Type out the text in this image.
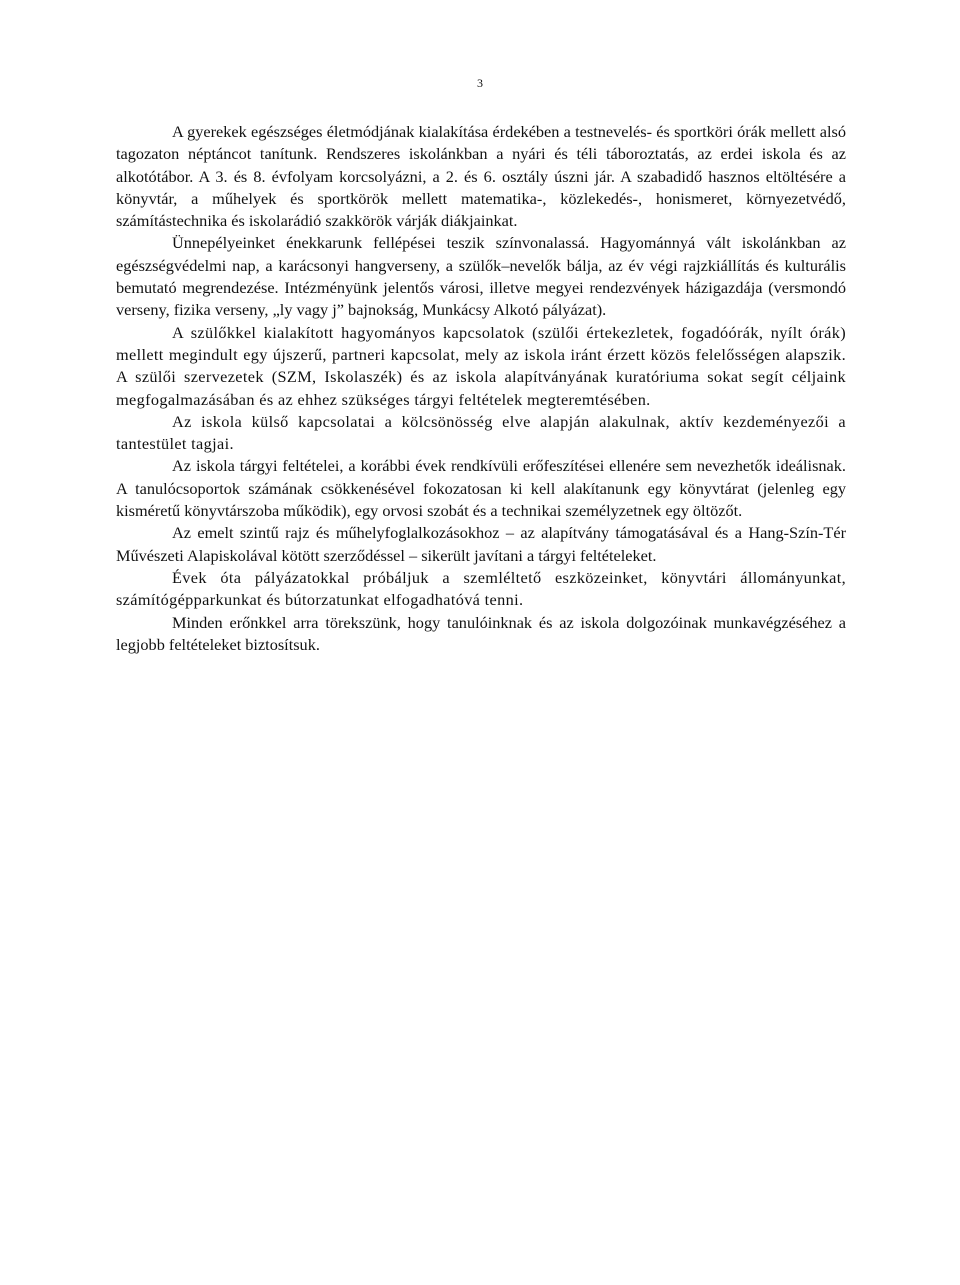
3

A gyerekek egészséges életmódjának kialakítása érdekében a testnevelés- és sportköri órák mellett alsó tagozaton néptáncot tanítunk. Rendszeres iskolánkban a nyári és téli táboroztatás, az erdei iskola és az alkotótábor. A 3. és 8. évfolyam korcsolyázni, a 2. és 6. osztály úszni jár. A szabadidő hasznos eltöltésére a könyvtár, a műhelyek és sportkörök mellett matematika-, közlekedés-, honismeret, környezetvédő, számítástechnika és iskolarádió szakkörök várják diákjainkat.

Ünnepélyeinket énekkarunk fellépései teszik színvonalassá. Hagyománnyá vált iskolánkban az egészségvédelmi nap, a karácsonyi hangverseny, a szülők–nevelők bálja, az év végi rajzkiállítás és kulturális bemutató megrendezése. Intézményünk jelentős városi, illetve megyei rendezvények házigazdája (versmondó verseny, fizika verseny, „ly vagy j” bajnokság, Munkácsy Alkotó pályázat).

A szülőkkel kialakított hagyományos kapcsolatok (szülői értekezletek, fogadóórák, nyílt órák) mellett megindult egy újszerű, partneri kapcsolat, mely az iskola iránt érzett közös felelősségen alapszik. A szülői szervezetek (SZM, Iskolaszék) és az iskola alapítványának kuratóriuma sokat segít céljaink megfogalmazásában és az ehhez szükséges tárgyi feltételek megteremtésében.

Az iskola külső kapcsolatai a kölcsönösség elve alapján alakulnak, aktív kezdeményezői a tantestület tagjai.

Az iskola tárgyi feltételei, a korábbi évek rendkívüli erőfeszítései ellenére sem nevezhetők ideálisnak. A tanulócsoportok számának csökkenésével fokozatosan ki kell alakítanunk egy könyvtárat (jelenleg egy kisméretű könyvtárszoba működik), egy orvosi szobát és a technikai személyzetnek egy öltözőt.

Az emelt szintű rajz és műhelyfoglalkozásokhoz – az alapítvány támogatásával és a Hang-Szín-Tér Művészeti Alapiskolával kötött szerződéssel – sikerült javítani a tárgyi feltételeket.

Évek óta pályázatokkal próbáljuk a szemléltető eszközeinket, könyvtári állományunkat, számítógépparkunkat és bútorzatunkat elfogadhatóvá tenni.

Minden erőnkkel arra törekszünk, hogy tanulóinknak és az iskola dolgozóinak munkavégzéséhez a legjobb feltételeket biztosítsuk.
